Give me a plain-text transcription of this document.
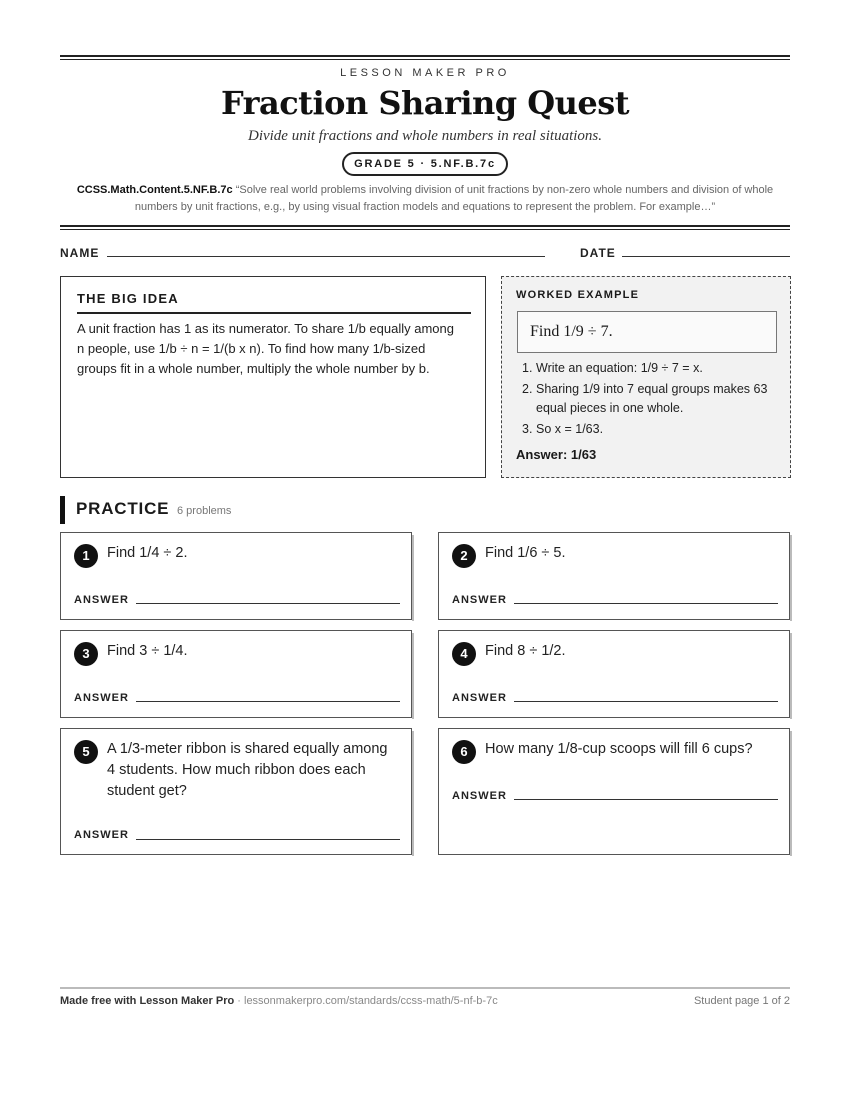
LESSON MAKER PRO
Fraction Sharing Quest
Divide unit fractions and whole numbers in real situations.
GRADE 5 · 5.NF.B.7c
CCSS.Math.Content.5.NF.B.7c “Solve real world problems involving division of unit fractions by non-zero whole numbers and division of whole numbers by unit fractions, e.g., by using visual fraction models and equations to represent the problem. For example…”
NAME	DATE
THE BIG IDEA
A unit fraction has 1 as its numerator. To share 1/b equally among n people, use 1/b ÷ n = 1/(b x n). To find how many 1/b-sized groups fit in a whole number, multiply the whole number by b.
WORKED EXAMPLE
Find 1/9 ÷ 7.
1. Write an equation: 1/9 ÷ 7 = x.
2. Sharing 1/9 into 7 equal groups makes 63 equal pieces in one whole.
3. So x = 1/63.
Answer: 1/63
PRACTICE 6 problems
1	Find 1/4 ÷ 2.
ANSWER
2	Find 1/6 ÷ 5.
ANSWER
3	Find 3 ÷ 1/4.
ANSWER
4	Find 8 ÷ 1/2.
ANSWER
5	A 1/3-meter ribbon is shared equally among 4 students. How much ribbon does each student get?
ANSWER
6	How many 1/8-cup scoops will fill 6 cups?
ANSWER
Made free with Lesson Maker Pro · lessonmakerpro.com/standards/ccss-math/5-nf-b-7c	Student page 1 of 2
